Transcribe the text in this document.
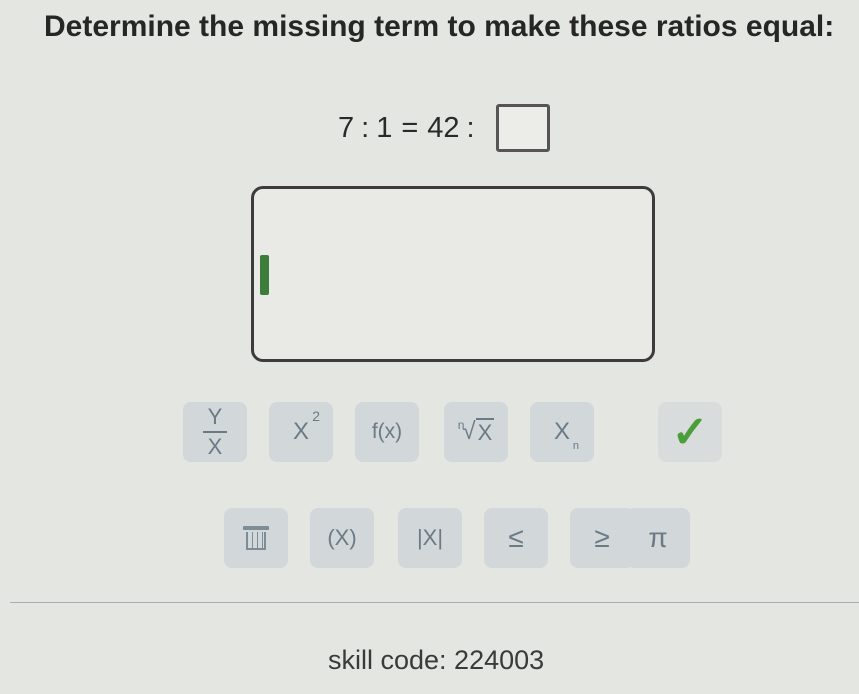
Determine the missing term to make these ratios equal:
7 : 1 = 42 :
$\frac{Y}{X}$	X
2
f(x)	n
√ X	X
n ✓
(X)	|X| ≤	≥ π
skill code: 224003
